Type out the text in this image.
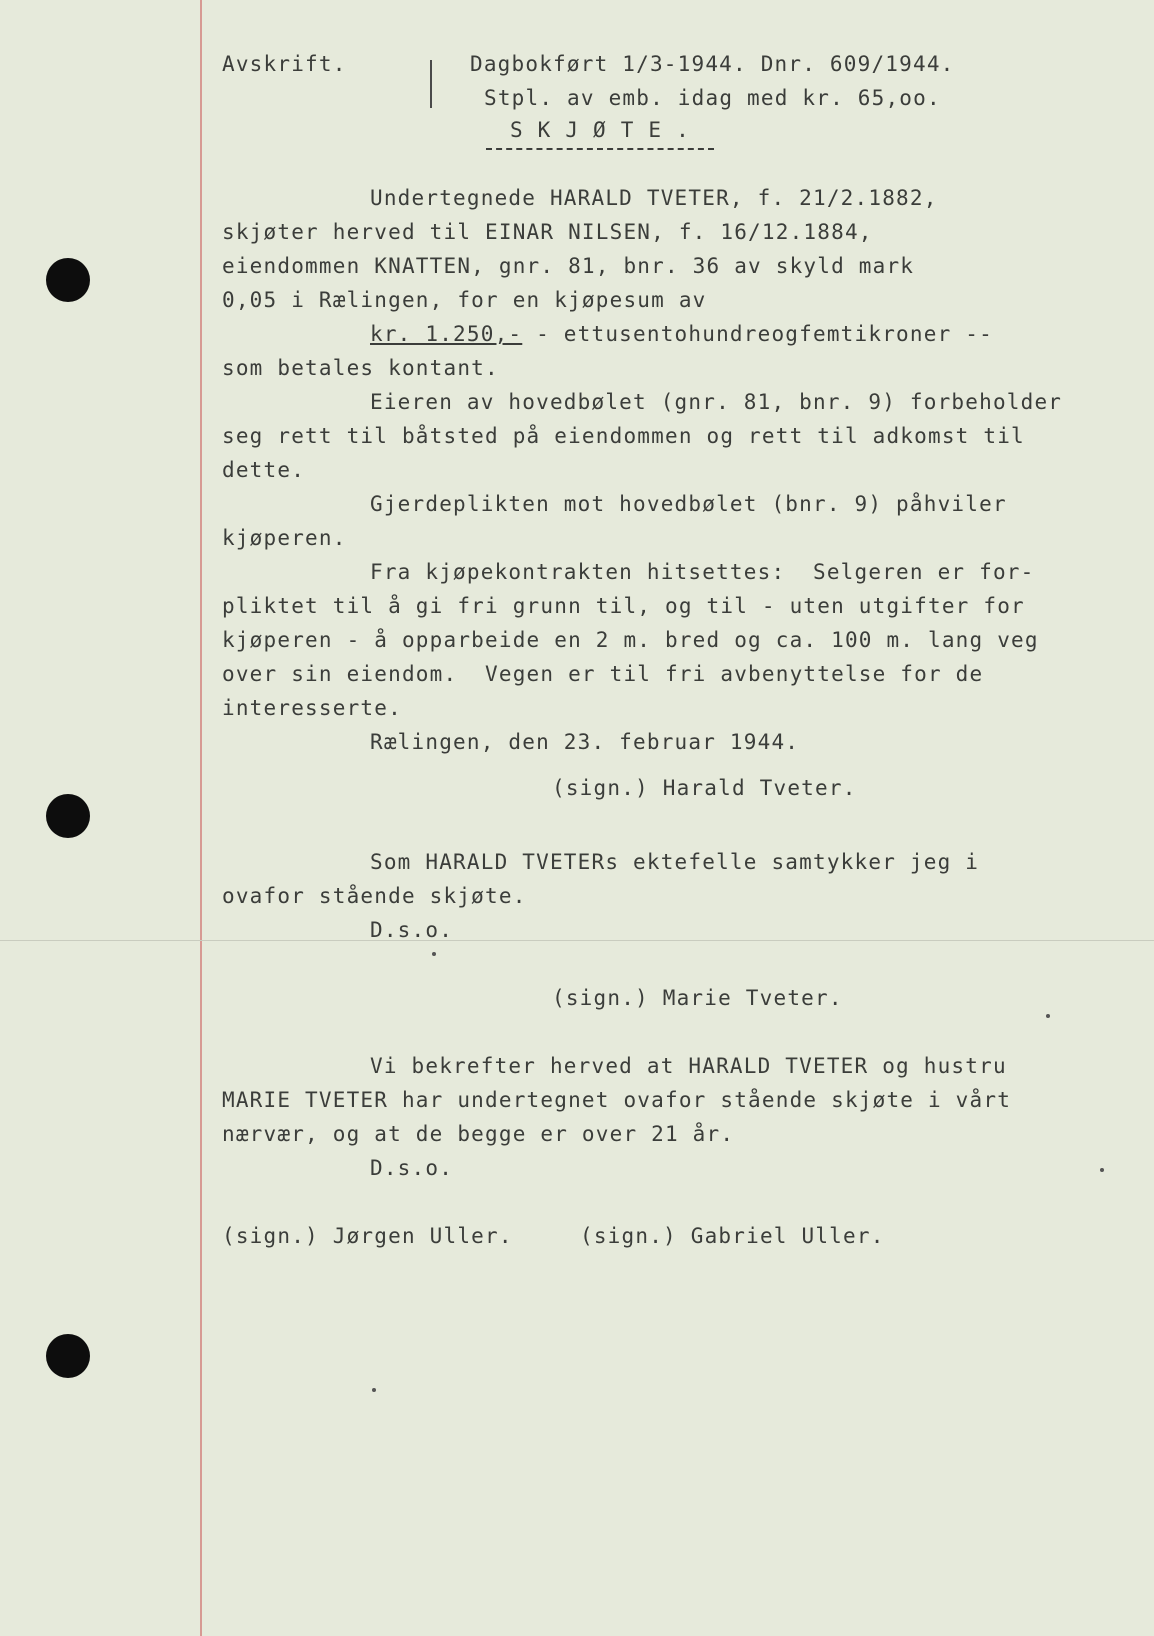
Avskrift.	Dagbokført 1/3-1944. Dnr. 609/1944.
Stpl. av emb. idag med kr. 65,oo.
S K J Ø T E .
Undertegnede HARALD TVETER, f. 21/2.1882,
skjøter herved til EINAR NILSEN, f. 16/12.1884,
eiendommen KNATTEN, gnr. 81, bnr. 36 av skyld mark
0,05 i Rælingen, for en kjøpesum av
kr. 1.250,- - ettusentohundreogfemtikroner --
som betales kontant.
Eieren av hovedbølet (gnr. 81, bnr. 9) forbeholder
seg rett til båtsted på eiendommen og rett til adkomst til
dette.
Gjerdeplikten mot hovedbølet (bnr. 9) påhviler
kjøperen.
Fra kjøpekontrakten hitsettes:  Selgeren er for-
pliktet til å gi fri grunn til, og til - uten utgifter for
kjøperen - å opparbeide en 2 m. bred og ca. 100 m. lang veg
over sin eiendom.  Vegen er til fri avbenyttelse for de
interesserte.
Rælingen, den 23. februar 1944.
(sign.) Harald Tveter.
Som HARALD TVETERs ektefelle samtykker jeg i
ovafor stående skjøte.
D.s.o.
(sign.) Marie Tveter.
Vi bekrefter herved at HARALD TVETER og hustru
MARIE TVETER har undertegnet ovafor stående skjøte i vårt
nærvær, og at de begge er over 21 år.
D.s.o.
(sign.) Jørgen Uller.	(sign.) Gabriel Uller.
